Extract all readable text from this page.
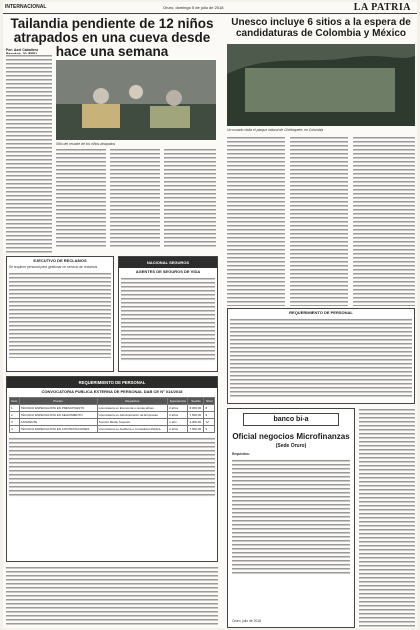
INTERNACIONAL	Oruro, domingo 5 de julio de 2018	LA PATRIA
Tailandia pendiente de 12 niños atrapados en una cueva desde hace una semana
Unesco incluye 6 sitios a la espera de candidaturas de Colombia y México
Por: Axel Caballero
Sitio del rescate de los niños atrapados
Un usuario visita el parque natural de Chiribiquete, en Colombia
EJECUTIVO DE RECLAMOS
Se requiere personal para gestionar un servicio de reclamos
NACIONAL SEGUROS
AGENTES DE SEGUROS DE VIDA
REQUERIMIENTO DE PERSONAL
REQUERIMIENTO DE PERSONAL
CONVOCATORIA PUBLICA EXTERNA DE PERSONAL DAB CE N° 014/2018
Item	Puesto	Requisitos	Experiencia	Sueldo	Nivel
1	TÉCNICO ESPECIALISTA EN PRESUPUESTO	Licenciatura en Economía o ramas afines	2 años	8.000,00	8
2	TÉCNICO ESPECIALISTA EN SEGUIMIENTO	Licenciatura en Administración de Empresas	2 años	7.500,00	9
3	ASISTENTE	Técnico Medio Superior	1 año	4.000,00	12
4	TÉCNICO ESPECIALISTA EN CONTRATACIONES	Licenciatura en Auditoría o Contaduría Pública	2 años	7.500,00	9
banco bi-a
Oficial negocios Microfinanzas
(Sede Oruro)
Requisitos:
Oruro, julio de 2018
